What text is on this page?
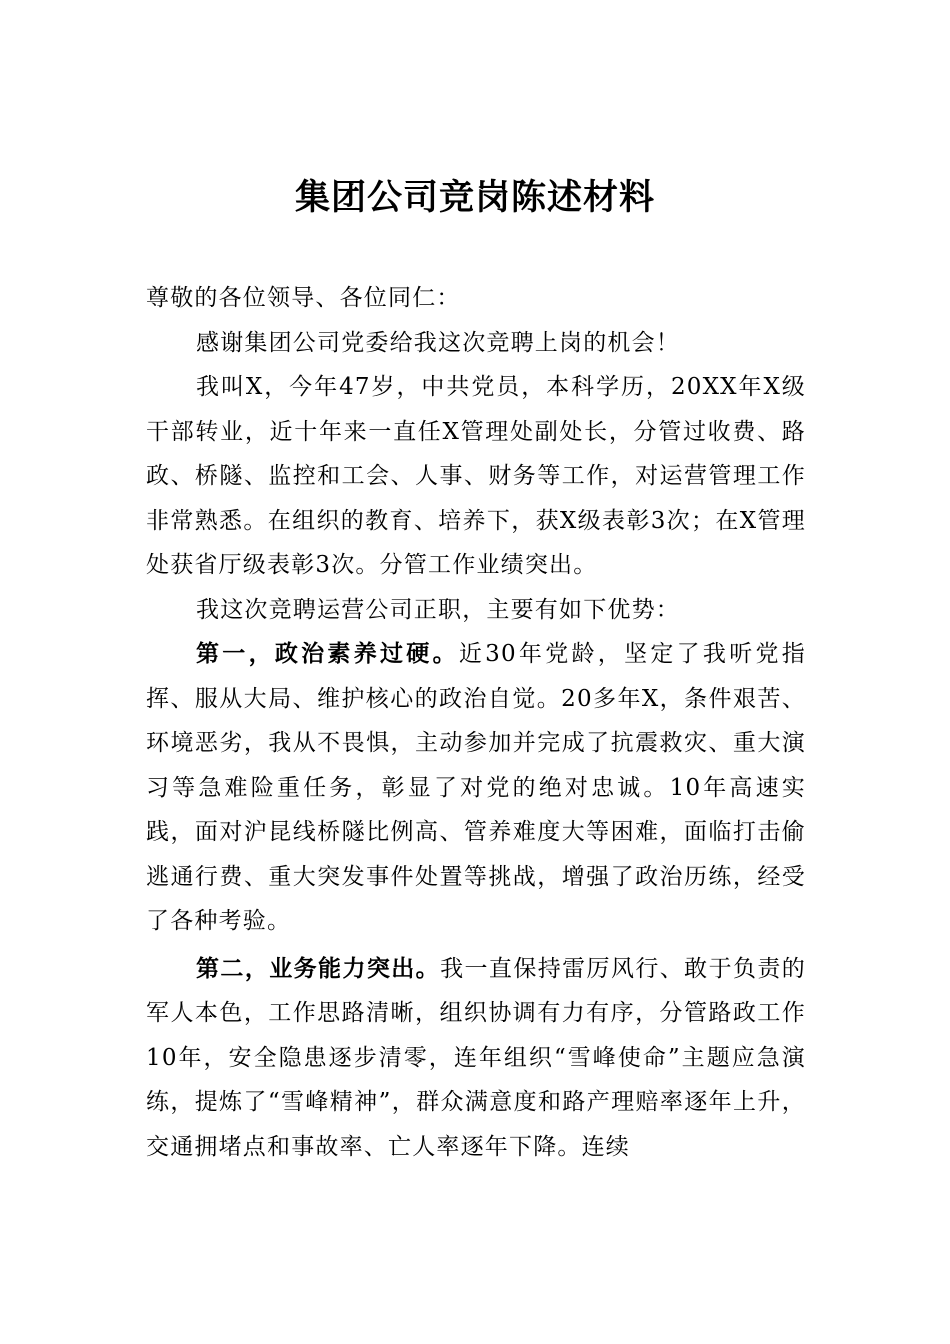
集团公司竞岗陈述材料

尊敬的各位领导、各位同仁：

感谢集团公司党委给我这次竞聘上岗的机会！

我叫X，今年47岁，中共党员，本科学历，20XX年X级干部转业，近十年来一直任X管理处副处长，分管过收费、路政、桥隧、监控和工会、人事、财务等工作，对运营管理工作非常熟悉。在组织的教育、培养下，获X级表彰3次；在X管理处获省厅级表彰3次。分管工作业绩突出。

我这次竞聘运营公司正职，主要有如下优势：

第一，政治素养过硬。近30年党龄，坚定了我听党指挥、服从大局、维护核心的政治自觉。20多年X，条件艰苦、环境恶劣，我从不畏惧，主动参加并完成了抗震救灾、重大演习等急难险重任务，彰显了对党的绝对忠诚。10年高速实践，面对沪昆线桥隧比例高、管养难度大等困难，面临打击偷逃通行费、重大突发事件处置等挑战，增强了政治历练，经受了各种考验。

第二，业务能力突出。我一直保持雷厉风行、敢于负责的军人本色，工作思路清晰，组织协调有力有序，分管路政工作10年，安全隐患逐步清零，连年组织“雪峰使命”主题应急演练，提炼了“雪峰精神”，群众满意度和路产理赔率逐年上升，交通拥堵点和事故率、亡人率逐年下降。连续
